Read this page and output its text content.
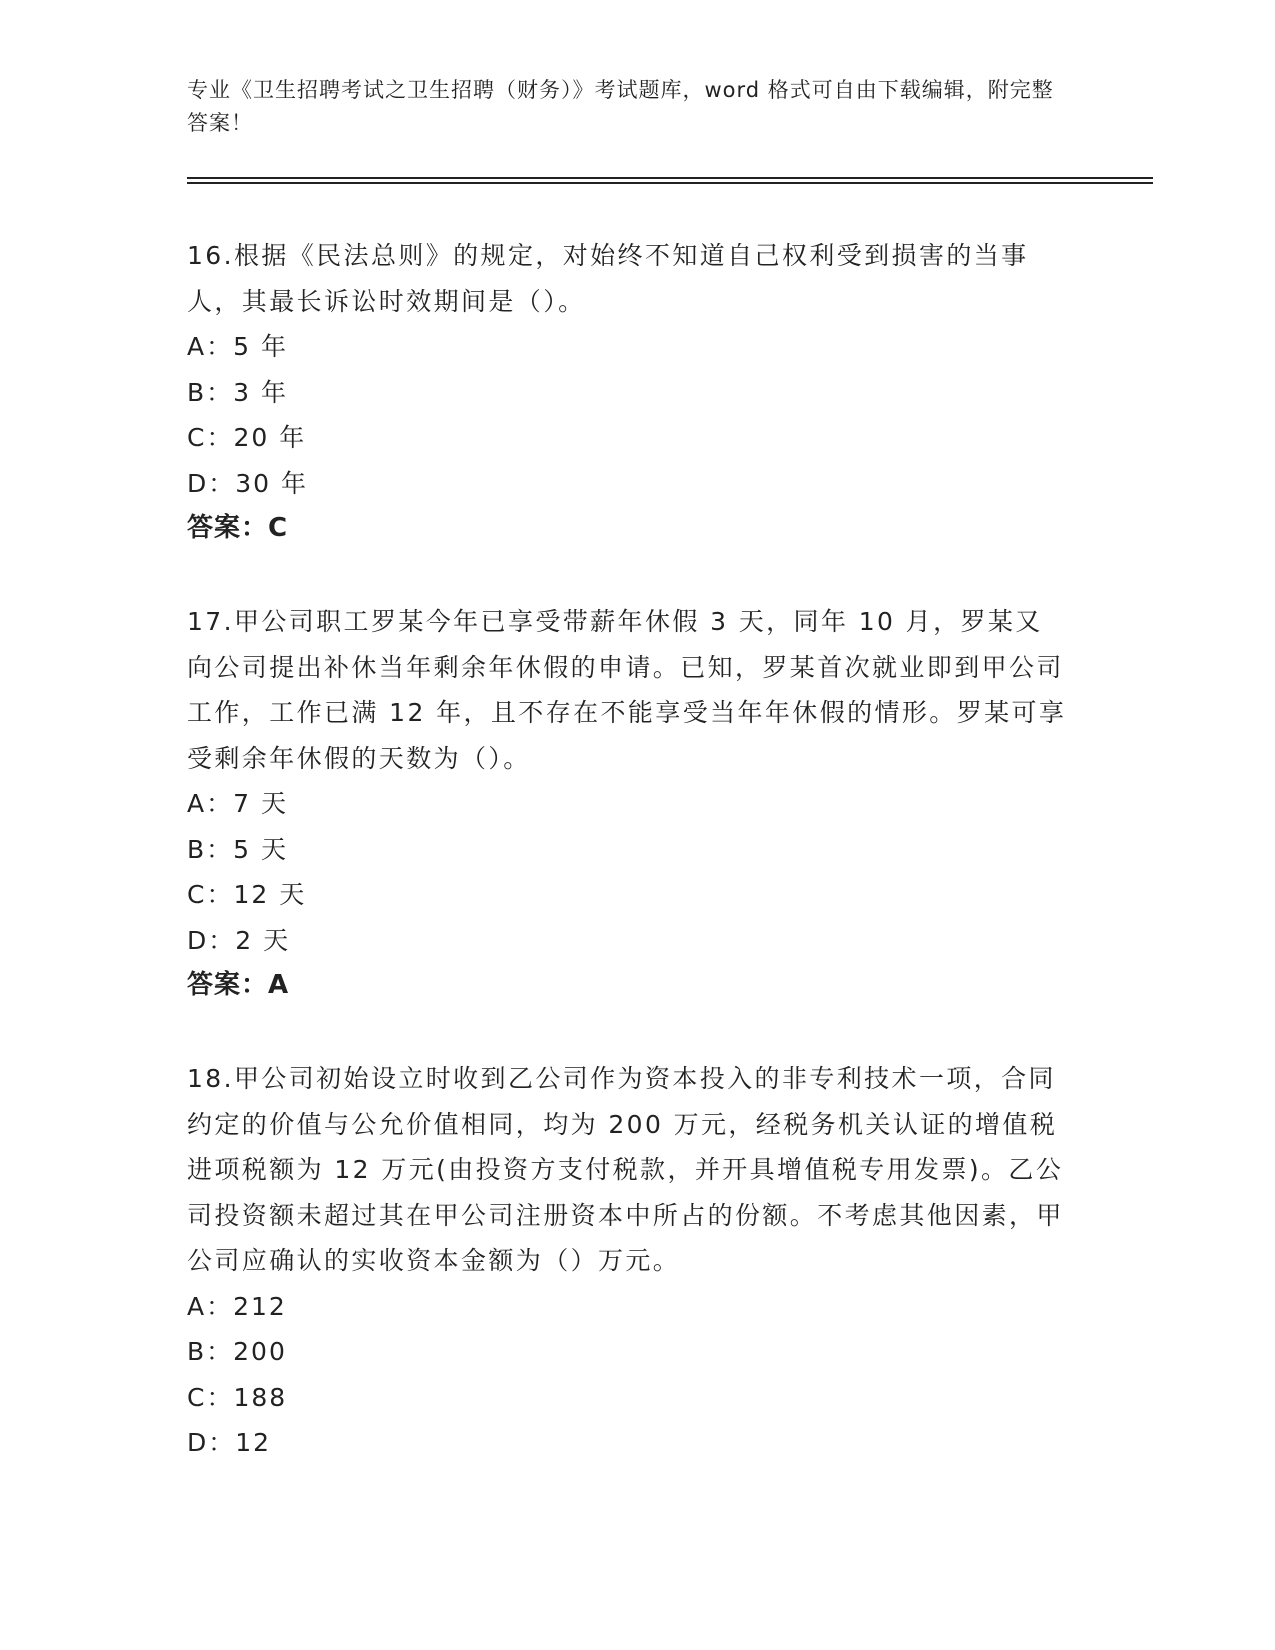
专业《卫生招聘考试之卫生招聘（财务）》考试题库，word 格式可自由下载编辑，附完整答案！

16.根据《民法总则》的规定，对始终不知道自己权利受到损害的当事人，其最长诉讼时效期间是（）。

A：5 年

B：3 年

C：20 年

D：30 年

答案：C

17.甲公司职工罗某今年已享受带薪年休假 3 天，同年 10 月，罗某又向公司提出补休当年剩余年休假的申请。已知，罗某首次就业即到甲公司工作，工作已满 12 年，且不存在不能享受当年年休假的情形。罗某可享受剩余年休假的天数为（）。

A：7 天

B：5 天

C：12 天

D：2 天

答案：A

18.甲公司初始设立时收到乙公司作为资本投入的非专利技术一项，合同约定的价值与公允价值相同，均为 200 万元，经税务机关认证的增值税进项税额为 12 万元(由投资方支付税款，并开具增值税专用发票)。乙公司投资额未超过其在甲公司注册资本中所占的份额。不考虑其他因素，甲公司应确认的实收资本金额为（）万元。

A：212

B：200

C：188

D：12
